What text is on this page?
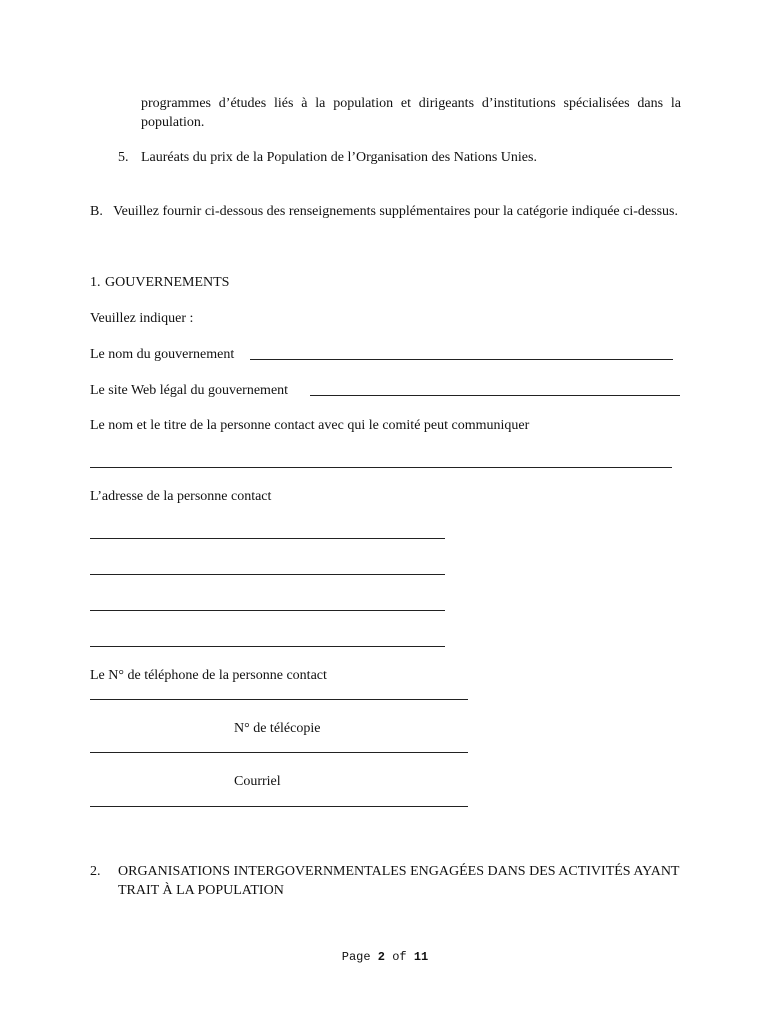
programmes d’études liés à la population et dirigeants d’institutions spécialisées dans la population.
5. Lauréats du prix de la Population de l’Organisation des Nations Unies.
B. Veuillez fournir ci-dessous des renseignements supplémentaires pour la catégorie indiquée ci-dessus.
1. GOUVERNEMENTS
Veuillez indiquer :
Le nom du gouvernement
Le site Web légal du gouvernement
Le nom et le titre de la personne contact avec qui le comité peut communiquer
L’adresse de la personne contact
Le N° de téléphone de la personne contact
N° de télécopie
Courriel
2. ORGANISATIONS INTERGOVERNMENTALES ENGAGÉES DANS DES ACTIVITÉS AYANT TRAIT À LA POPULATION
Page 2 of 11
